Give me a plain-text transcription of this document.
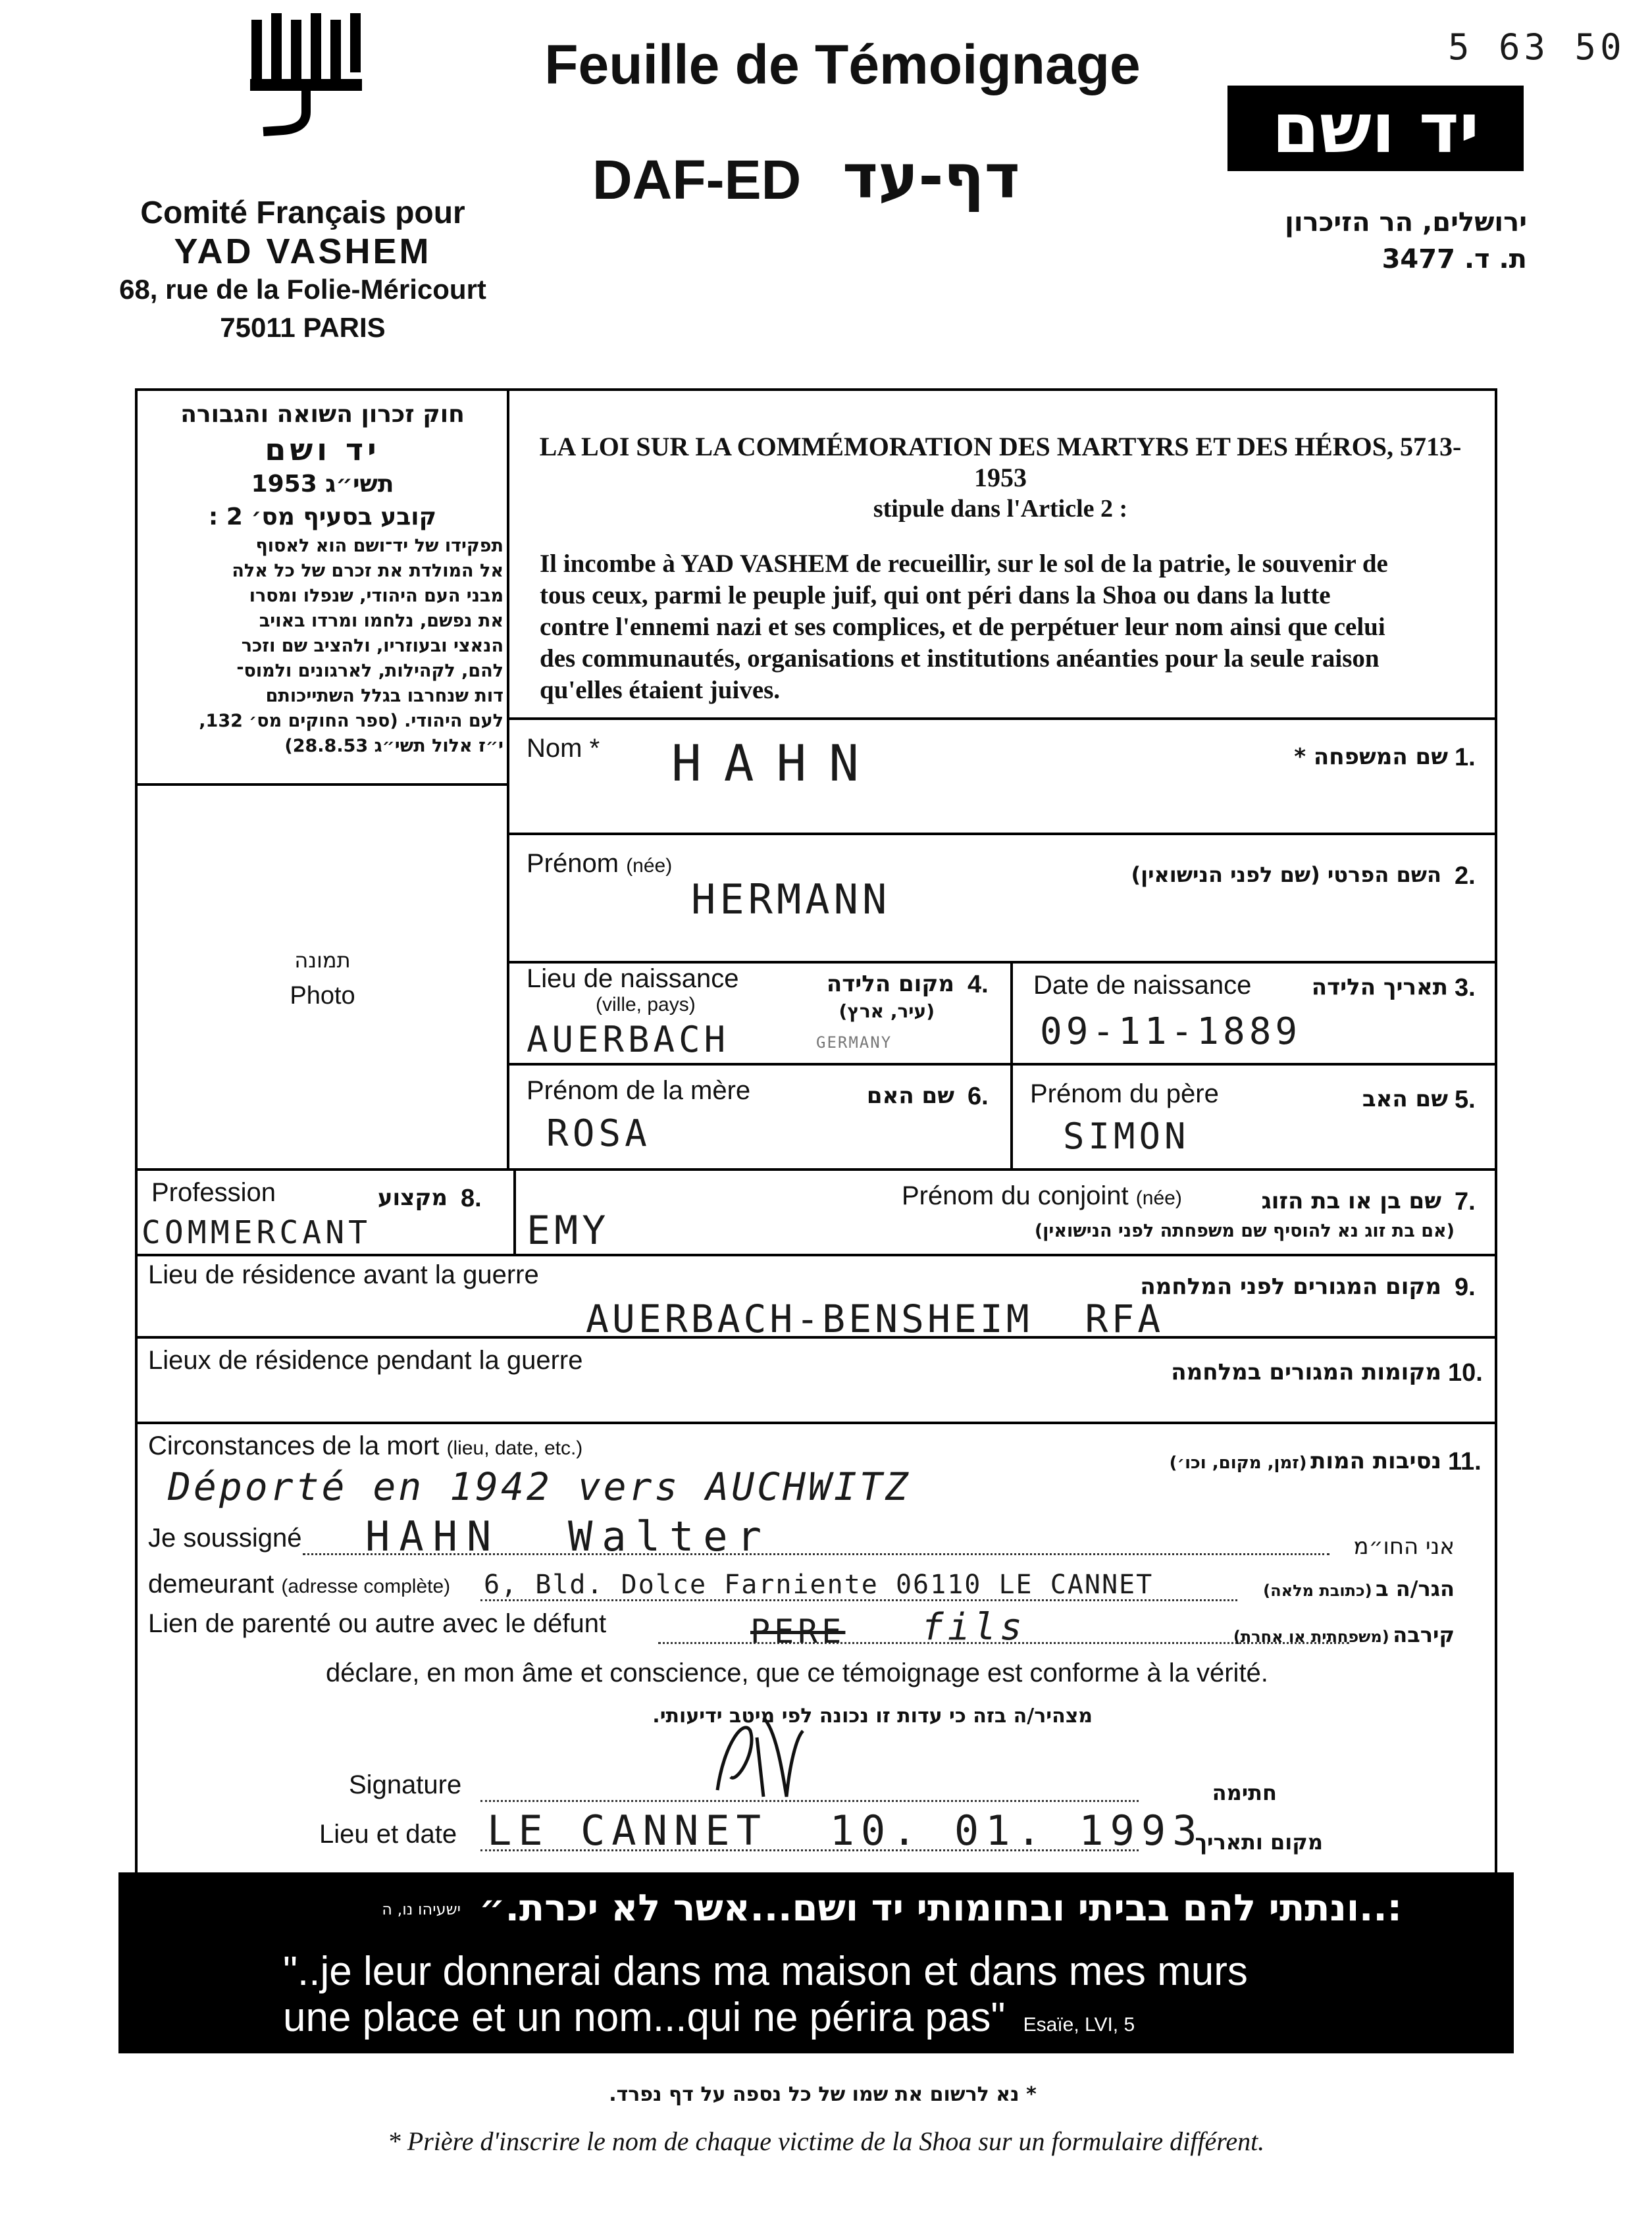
5 63 50
Comité Français pour
YAD VASHEM
68, rue de la Folie-Méricourt
75011 PARIS
Feuille de Témoignage
DAF-ED דף-עד
יד ושם
ירושלים, הר הזיכרון
ת. ד. 3477
חוק זכרון השואה והגבורה
יד ושם
תשי״ג 1953
קובע בסעיף מס׳ 2 :
תפקידו של יד־ושם הוא לאסוף
אל המולדת את זכרם של כל אלה
מבני העם היהודי, שנפלו ומסרו
את נפשם, נלחמו ומרדו באויב
הנאצי ובעוזריו, ולהציב שם וזכר
להם, לקהילות, לארגונים ולמוס־
דות שנחרבו בגלל השתייכותם
לעם היהודי. (ספר החוקים מס׳ 132,
י״ז אלול תשי״ג 28.8.53)
תמונה
Photo
LA LOI SUR LA COMMÉMORATION DES MARTYRS ET DES HÉROS, 5713-1953
stipule dans l'Article 2 :
Il incombe à YAD VASHEM de recueillir, sur le sol de la patrie, le souvenir de
tous ceux, parmi le peuple juif, qui ont péri dans la Shoa ou dans la lutte
contre l'ennemi nazi et ses complices, et de perpétuer leur nom ainsi que celui
des communautés, organisations et institutions anéanties pour la seule raison
qu'elles étaient juives.
Nom *	שם המשפחה * 1.
HAHN
Prénom (née)	השם הפרטי (שם לפני הנישואין) 2.
HERMANN
Lieu de naissance
(ville, pays)
מקום הלידה
(עיר, ארץ)
4.
AUERBACH	GERMANY
Date de naissance	תאריך הלידה 3.
09-11-1889
Prénom de la mère	שם האם 6.
ROSA
Prénom du père	שם האב 5.
SIMON
Profession	מקצוע 8.
COMMERCANT
Prénom du conjoint (née)	שם בן או בת הזוג
(אם בת זוג נא להוסיף שם משפחתה לפני הנישואין)
7.
EMY
Lieu de résidence avant la guerre	מקום המגורים לפני המלחמה 9.
AUERBACH-BENSHEIM  RFA
Lieux de résidence pendant la guerre	מקומות המגורים במלחמה 10.
Circonstances de la mort (lieu, date, etc.)	נסיבות המות (זמן, מקום, וכו׳)	11.
Déporté en 1942 vers AUCHWITZ
Je soussigné HAHN  Walter	אני החו״מ
demeurant (adresse complète) 6, Bld. Dolce Farniente 06110 LE CANNET	הגר/ה ב (כתובת מלאה)
Lien de parenté ou autre avec le défunt	PERE fils	קירבה (משפחתית או אחרת)
déclare, en mon âme et conscience, que ce témoignage est conforme à la vérité.
מצהיר/ה בזה כי עדות זו נכונה לפי מיטב ידיעותי.
Signature	חתימה
Lieu et date LE CANNET  10. 01. 1993
מקום ותאריך
:..ונתתי להם בביתי ובחומותי יד ושם...אשר לא יכרת.״
ישעיהו נו, ה
"..je leur donnerai dans ma maison et dans mes murs
une place et un nom...qui ne périra pas" Esaïe, LVI, 5
* נא לרשום את שמו של כל נספה על דף נפרד.
* Prière d'inscrire le nom de chaque victime de la Shoa sur un formulaire différent.
